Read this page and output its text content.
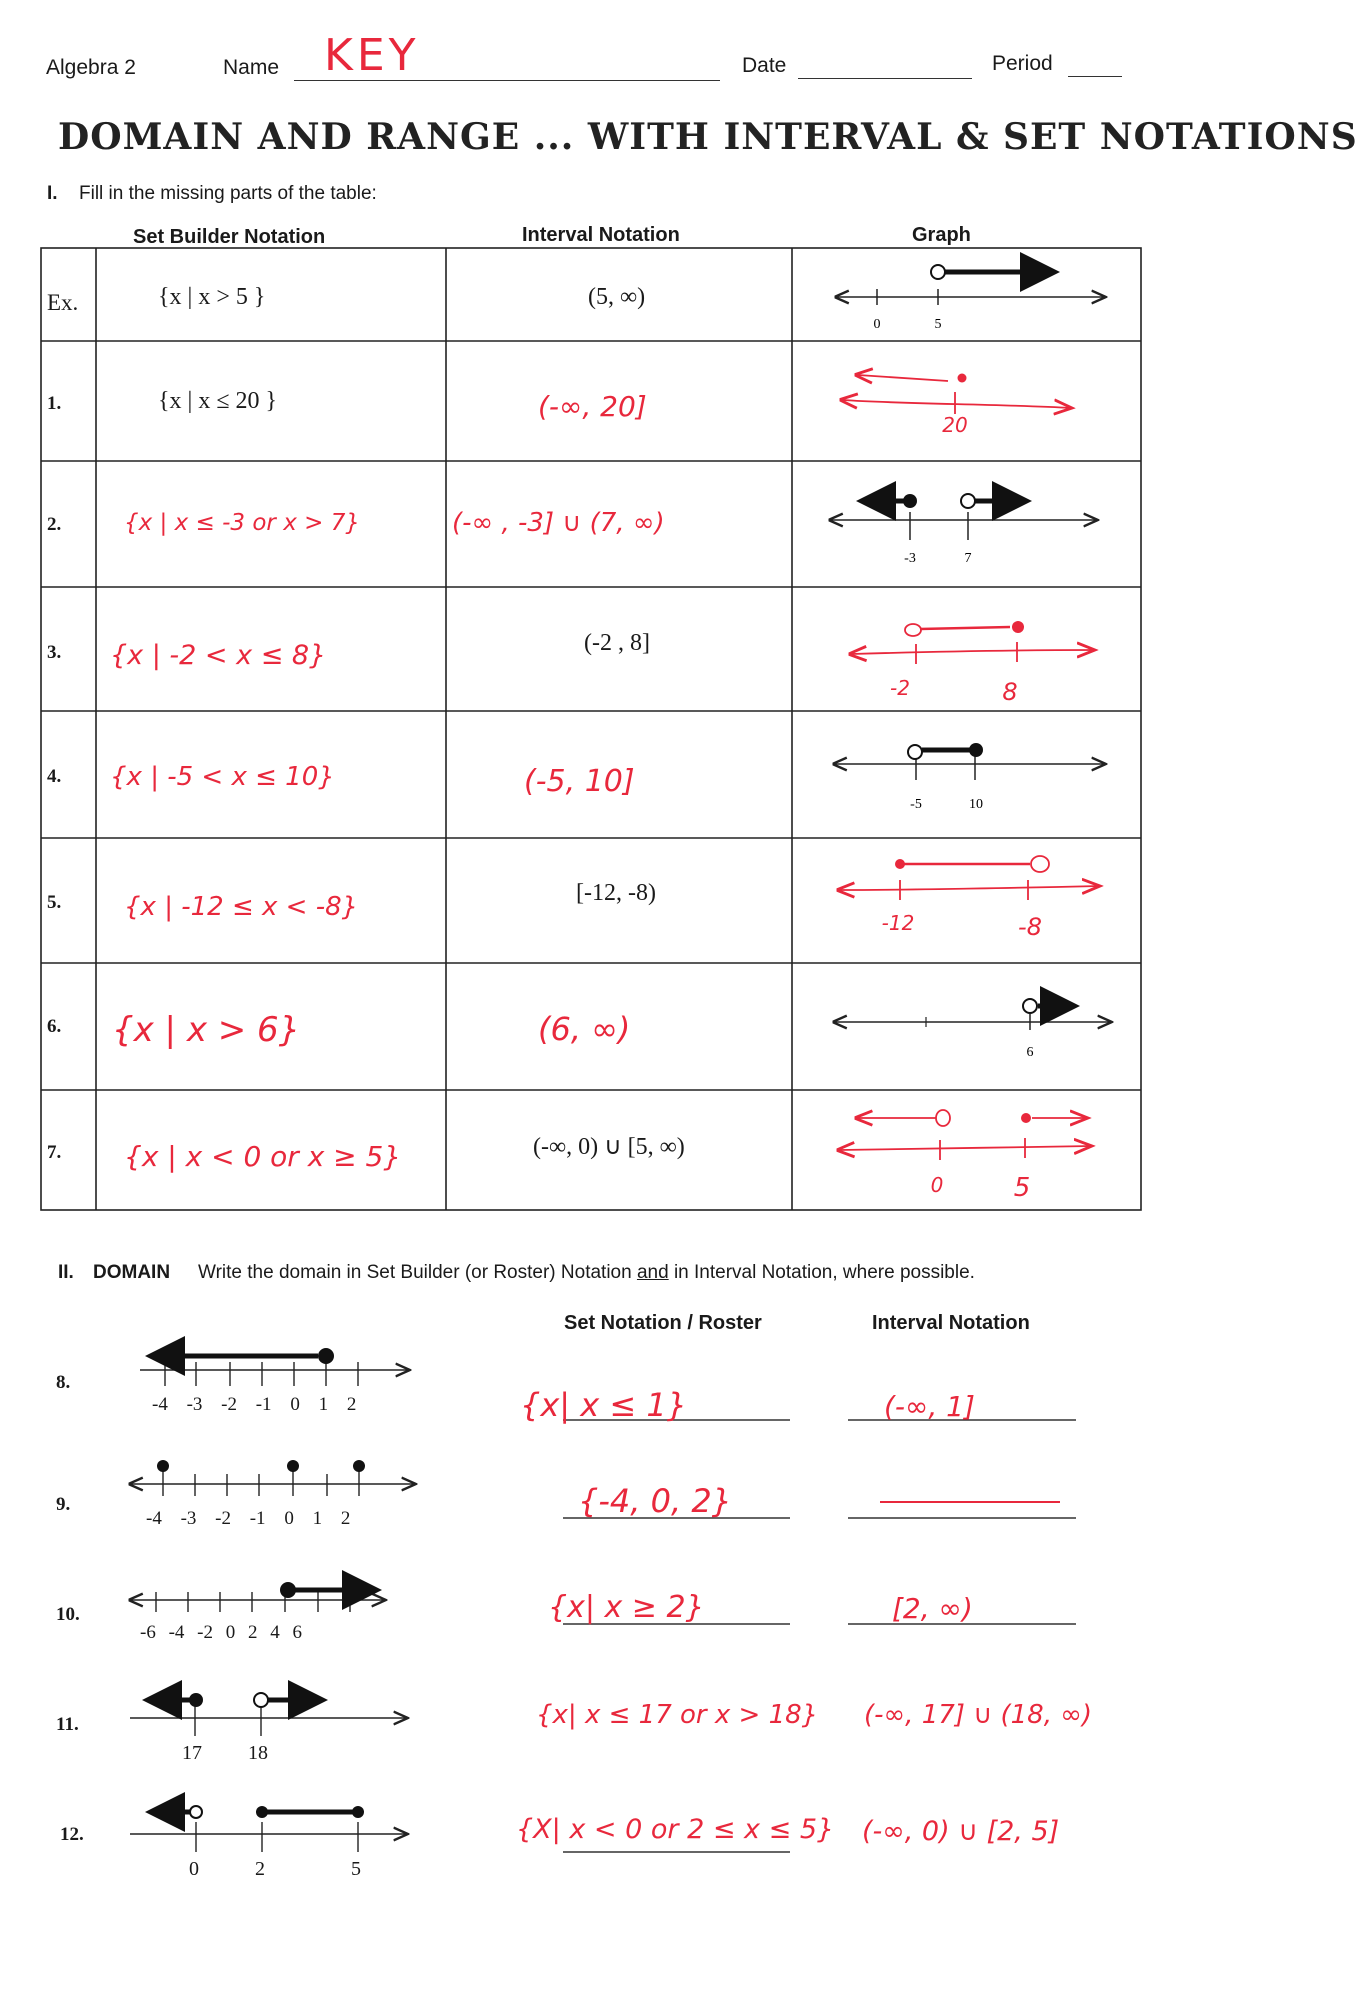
Algebra 2	Name KEY	Date	Period
DOMAIN AND RANGE ... WITH INTERVAL & SET NOTATIONS
I. Fill in the missing parts of the table:
Set Builder Notation	Interval Notation	Graph
0	5
20
-3	7
-2	8
-5	10
-12	-8
6
0	5
Ex.	{x | x > 5 }	(5, ∞)
1.	{x | x ≤ 20 }	(-∞, 20]
2.	{x | x ≤ -3 or x > 7}	(-∞ , -3] ∪ (7, ∞)
3. {x | -2 < x ≤ 8}	(-2 , 8]
4. {x | -5 < x ≤ 10}	(-5, 10]
5. {x | -12 ≤ x < -8}	[-12, -8)
6. {x | x > 6}	(6, ∞)
7. {x | x < 0 or x ≥ 5}	(-∞, 0) ∪ [5, ∞)
II. DOMAIN Write the domain in Set Builder (or Roster) Notation and in Interval Notation, where possible.
Set Notation / Roster	Interval Notation
8.
-4 -3 -2 -1 0 1 2	{x| x ≤ 1}	(-∞, 1]
9.
-4 -3 -2 -1 0 1 2	{-4, 0, 2}
10.
-6 -4 -2 0 2 4 6
{x| x ≥ 2}	[2, ∞)
11.
17 18
{x| x ≤ 17 or x > 18} (-∞, 17] ∪ (18, ∞)
12.
0	2	5
{X| x < 0 or 2 ≤ x ≤ 5} (-∞, 0) ∪ [2, 5]
